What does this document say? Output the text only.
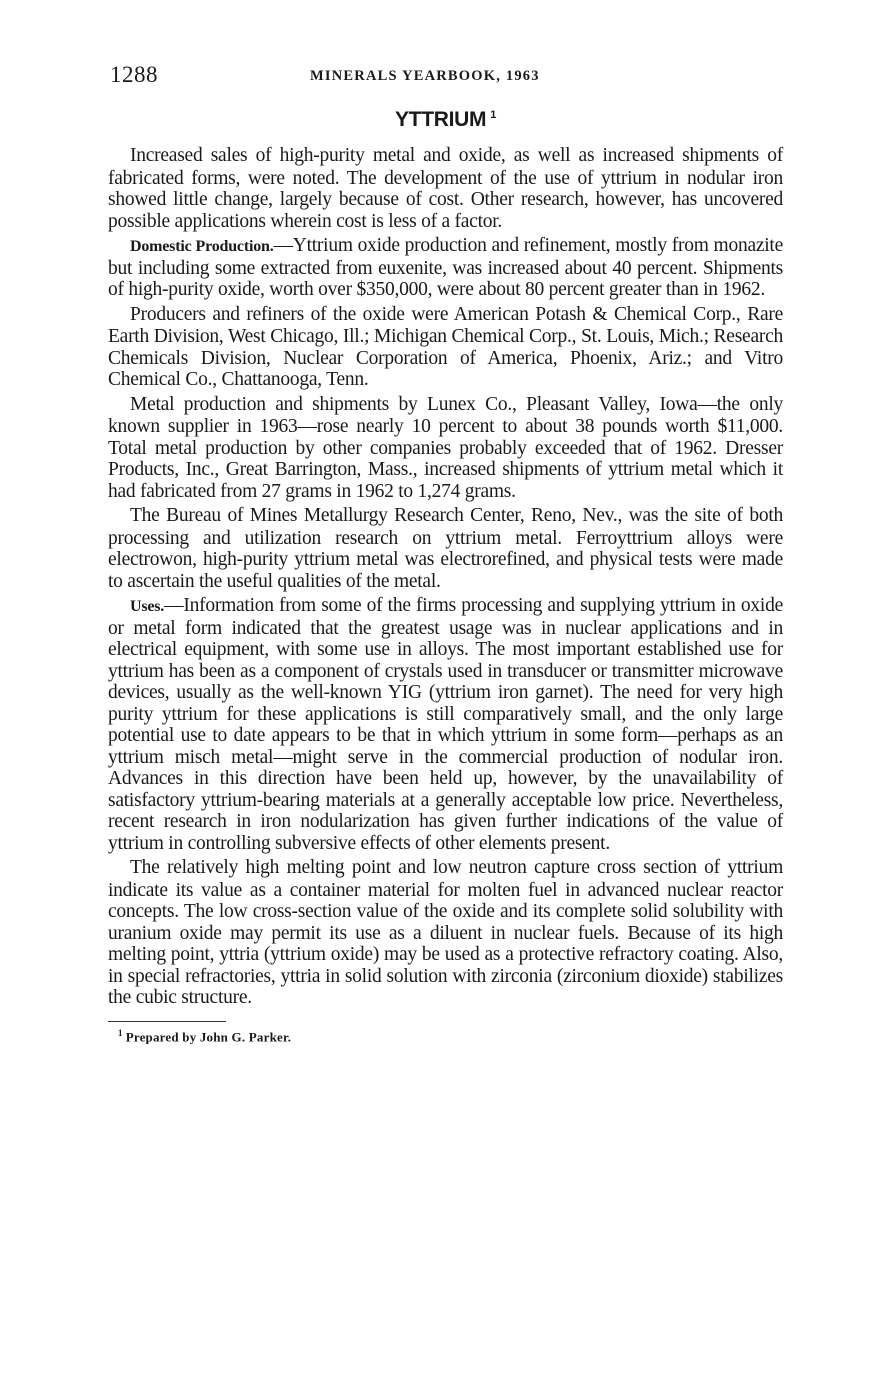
1288	MINERALS YEARBOOK, 1963
YTTRIUM $^1$

Increased sales of high-purity metal and oxide, as well as increased shipments of fabricated forms, were noted. The development of the use of yttrium in nodular iron showed little change, largely because of cost. Other research, however, has uncovered possible applications wherein cost is less of a factor.

Domestic Production.—Yttrium oxide production and refinement, mostly from monazite but including some extracted from euxenite, was increased about 40 percent. Shipments of high-purity oxide, worth over $350,000, were about 80 percent greater than in 1962.

Producers and refiners of the oxide were American Potash & Chemical Corp., Rare Earth Division, West Chicago, Ill.; Michigan Chemical Corp., St. Louis, Mich.; Research Chemicals Division, Nuclear Corporation of America, Phoenix, Ariz.; and Vitro Chemical Co., Chattanooga, Tenn.

Metal production and shipments by Lunex Co., Pleasant Valley, Iowa—the only known supplier in 1963—rose nearly 10 percent to about 38 pounds worth $11,000. Total metal production by other companies probably exceeded that of 1962. Dresser Products, Inc., Great Barrington, Mass., increased shipments of yttrium metal which it had fabricated from 27 grams in 1962 to 1,274 grams.

The Bureau of Mines Metallurgy Research Center, Reno, Nev., was the site of both processing and utilization research on yttrium metal. Ferroyttrium alloys were electrowon, high-purity yttrium metal was electrorefined, and physical tests were made to ascertain the useful qualities of the metal.

Uses.—Information from some of the firms processing and supplying yttrium in oxide or metal form indicated that the greatest usage was in nuclear applications and in electrical equipment, with some use in alloys. The most important established use for yttrium has been as a component of crystals used in transducer or transmitter microwave devices, usually as the well-known YIG (yttrium iron garnet). The need for very high purity yttrium for these applications is still comparatively small, and the only large potential use to date appears to be that in which yttrium in some form—perhaps as an yttrium misch metal—might serve in the commercial production of nodular iron. Advances in this direction have been held up, however, by the unavailability of satisfactory yttrium-bearing materials at a generally acceptable low price. Nevertheless, recent research in iron nodularization has given further indications of the value of yttrium in controlling subversive effects of other elements present.

The relatively high melting point and low neutron capture cross section of yttrium indicate its value as a container material for molten fuel in advanced nuclear reactor concepts. The low cross-section value of the oxide and its complete solid solubility with uranium oxide may permit its use as a diluent in nuclear fuels. Because of its high melting point, yttria (yttrium oxide) may be used as a protective refractory coating. Also, in special refractories, yttria in solid solution with zirconia (zirconium dioxide) stabilizes the cubic structure.

$^1$ Prepared by John G. Parker.
